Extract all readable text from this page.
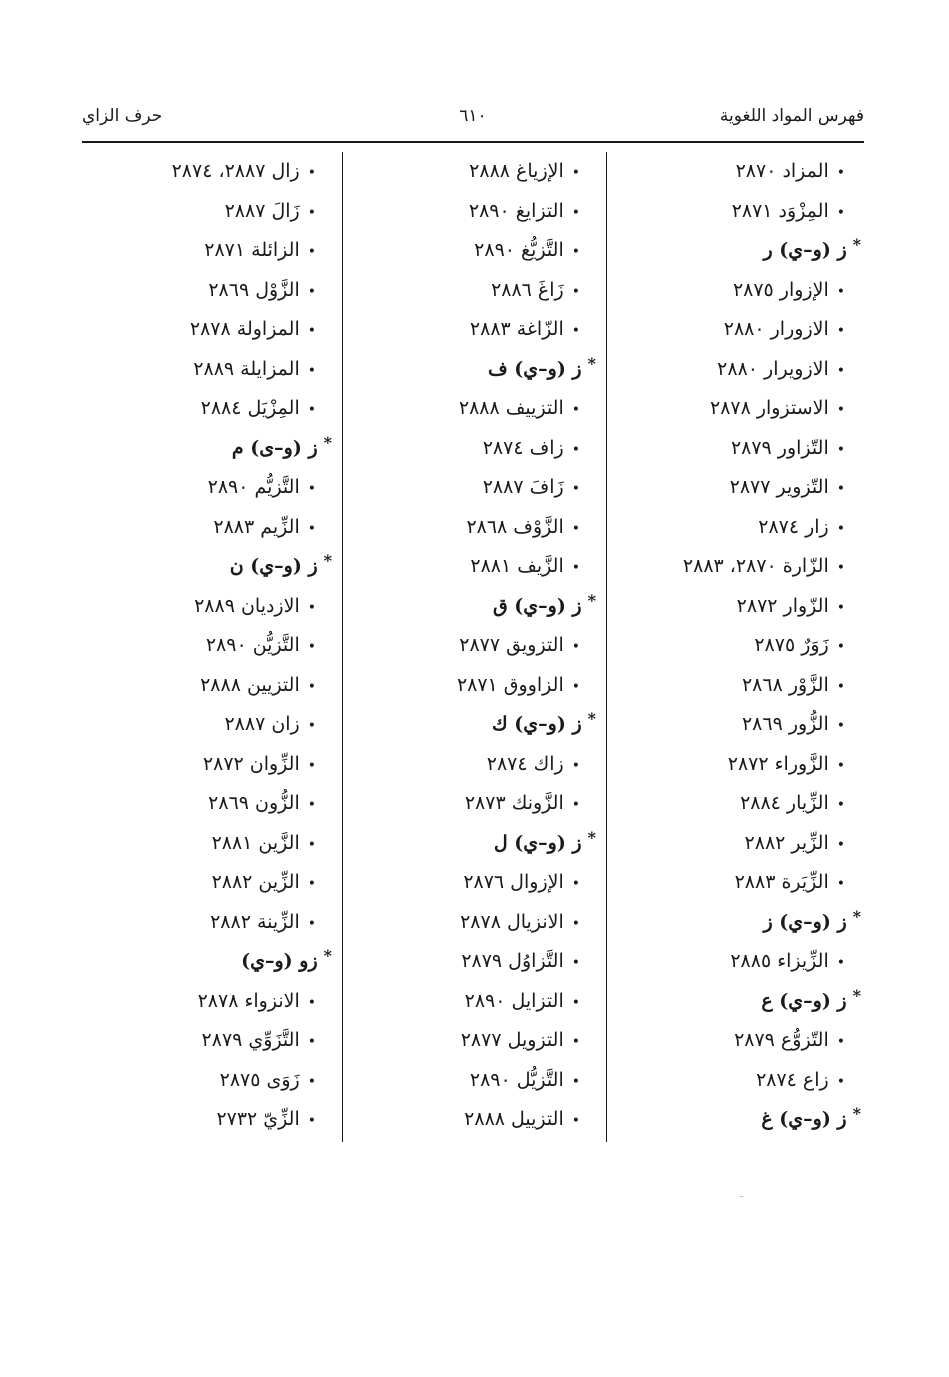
فهرس المواد اللغوية
٦١٠
حرف الزاي
•المزاد ٢٨٧٠
•المِزْوَد ٢٨٧١
*ز (و–ي) ر
•الإزوار ٢٨٧٥
•الازورار ٢٨٨٠
•الازويرار ٢٨٨٠
•الاستزوار ٢٨٧٨
•التّزاور ٢٨٧٩
•التّزوير ٢٨٧٧
•زار ٢٨٧٤
•الزّارة ٢٨٧٠، ٢٨٨٣
•الزّوار ٢٨٧٢
•زَوَرٌ ٢٨٧٥
•الزَّوْر ٢٨٦٨
•الزُّور ٢٨٦٩
•الزَّوراء ٢٨٧٢
•الزِّيار ٢٨٨٤
•الزِّير ٢٨٨٢
•الزِّيَرة ٢٨٨٣
*ز (و–ي) ز
•الزِّيزاء ٢٨٨٥
*ز (و–ي) ع
•التّزوُّع ٢٨٧٩
•زاع ٢٨٧٤
*ز (و–ي) غ
•الإزياغ ٢٨٨٨
•التزايغ ٢٨٩٠
•التَّزيُّغ ٢٨٩٠
•زَاغَ ٢٨٨٦
•الزّاغة ٢٨٨٣
*ز (و–ي) ف
•التزييف ٢٨٨٨
•زاف ٢٨٧٤
•زَافَ ٢٨٨٧
•الزَّوْف ٢٨٦٨
•الزَّيف ٢٨٨١
*ز (و–ي) ق
•التزويق ٢٨٧٧
•الزاووق ٢٨٧١
*ز (و–ي) ك
•زاك ٢٨٧٤
•الزَّونك ٢٨٧٣
*ز (و–ي) ل
•الإزوال ٢٨٧٦
•الانزيال ٢٨٧٨
•التَّزاوُل ٢٨٧٩
•التزايل ٢٨٩٠
•التزويل ٢٨٧٧
•التَّزيُّل ٢٨٩٠
•التزييل ٢٨٨٨
•زال ٢٨٨٧، ٢٨٧٤
•زَالَ ٢٨٨٧
•الزائلة ٢٨٧١
•الزَّوْل ٢٨٦٩
•المزاولة ٢٨٧٨
•المزايلة ٢٨٨٩
•المِزْيَل ٢٨٨٤
*ز (و–ى) م
•التَّزيُّم ٢٨٩٠
•الزِّيم ٢٨٨٣
*ز (و–ي) ن
•الازديان ٢٨٨٩
•التَّزيُّن ٢٨٩٠
•التزيين ٢٨٨٨
•زان ٢٨٨٧
•الزِّوان ٢٨٧٢
•الزُّون ٢٨٦٩
•الزَّين ٢٨٨١
•الزِّين ٢٨٨٢
•الزِّينة ٢٨٨٢
*زو (و–ي)
•الانزواء ٢٨٧٨
•التَّزَوِّي ٢٨٧٩
•زَوَى ٢٨٧٥
•الزِّيّ ٢٧٣٢
